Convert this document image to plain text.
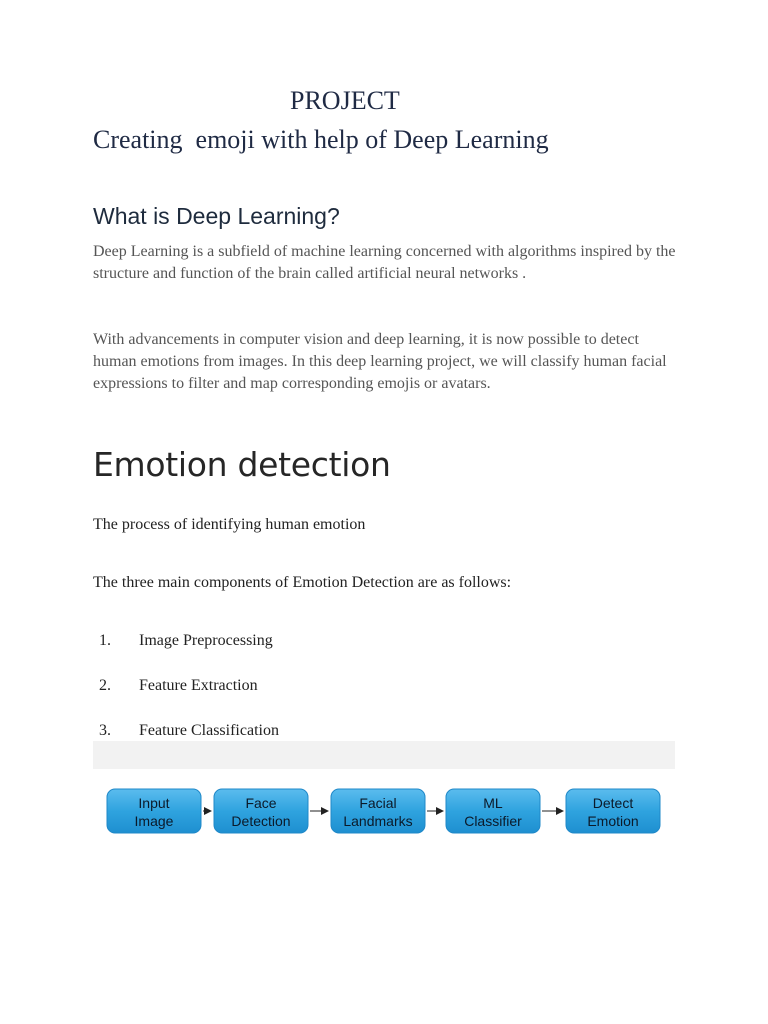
PROJECT
Creating  emoji with help of Deep Learning
What is Deep Learning?
Deep Learning is a subfield of machine learning concerned with algorithms inspired by the structure and function of the brain called artificial neural networks .
With advancements in computer vision and deep learning, it is now possible to detect human emotions from images. In this deep learning project, we will classify human facial expressions to filter and map corresponding emojis or avatars.
Emotion detection
The process of identifying human emotion
The three main components of Emotion Detection are as follows:
1. Image Preprocessing
2. Feature Extraction
3. Feature Classification
Input
Image
Face
Detection
Facial
Landmarks
ML
Classifier
Detect
Emotion
